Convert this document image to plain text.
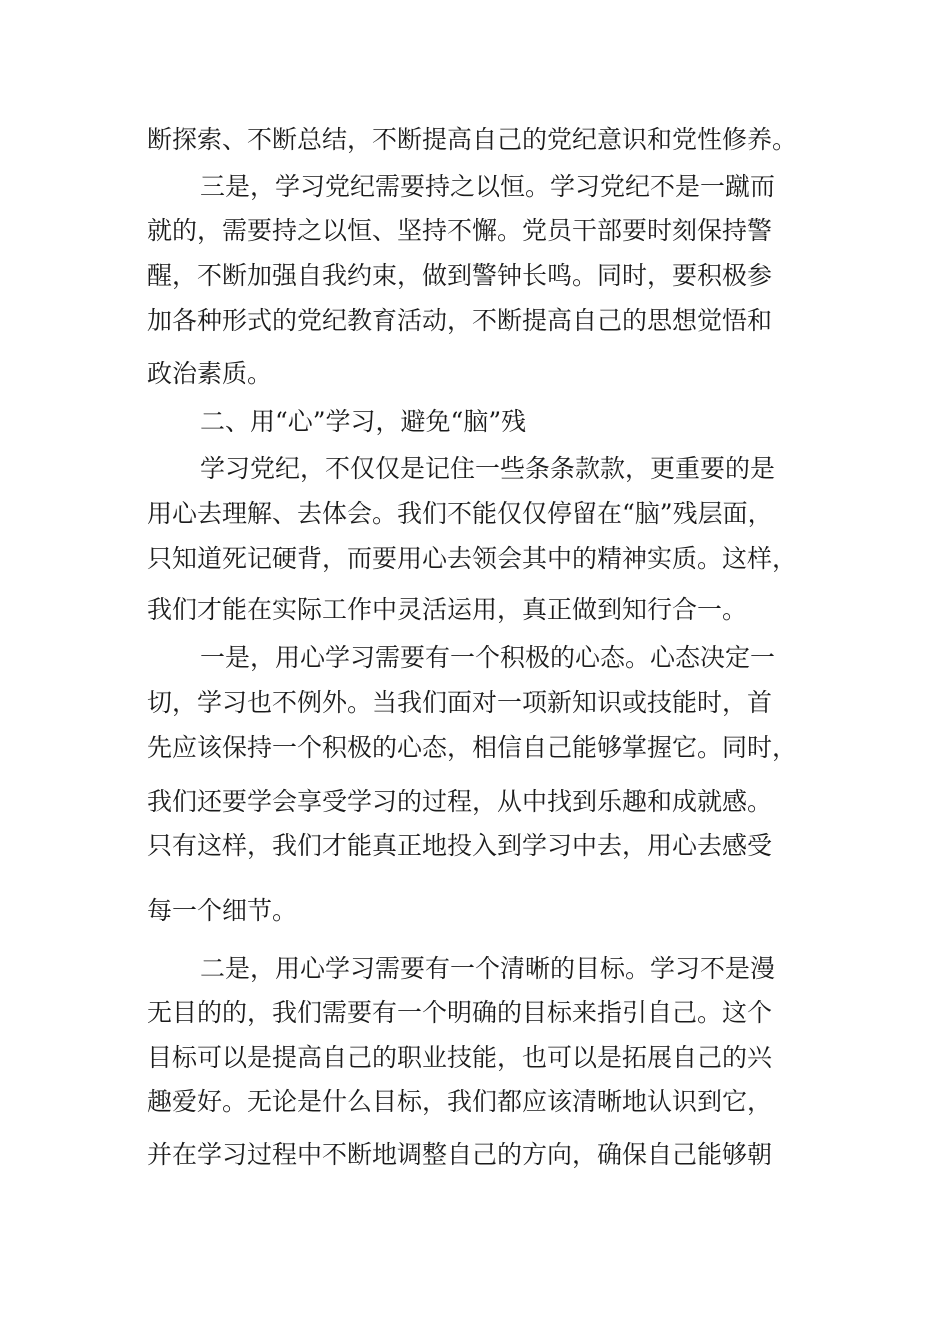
断探索、不断总结，不断提高自己的党纪意识和党性修养。
三是，学习党纪需要持之以恒。学习党纪不是一蹴而
就的，需要持之以恒、坚持不懈。党员干部要时刻保持警
醒，不断加强自我约束，做到警钟长鸣。同时，要积极参
加各种形式的党纪教育活动，不断提高自己的思想觉悟和
政治素质。
二、用“心”学习，避免“脑”残
学习党纪，不仅仅是记住一些条条款款，更重要的是
用心去理解、去体会。我们不能仅仅停留在“脑”残层面，
只知道死记硬背，而要用心去领会其中的精神实质。这样，
我们才能在实际工作中灵活运用，真正做到知行合一。
一是，用心学习需要有一个积极的心态。心态决定一
切，学习也不例外。当我们面对一项新知识或技能时，首
先应该保持一个积极的心态，相信自己能够掌握它。同时，
我们还要学会享受学习的过程，从中找到乐趣和成就感。
只有这样，我们才能真正地投入到学习中去，用心去感受
每一个细节。
二是，用心学习需要有一个清晰的目标。学习不是漫
无目的的，我们需要有一个明确的目标来指引自己。这个
目标可以是提高自己的职业技能，也可以是拓展自己的兴
趣爱好。无论是什么目标，我们都应该清晰地认识到它，
并在学习过程中不断地调整自己的方向，确保自己能够朝
